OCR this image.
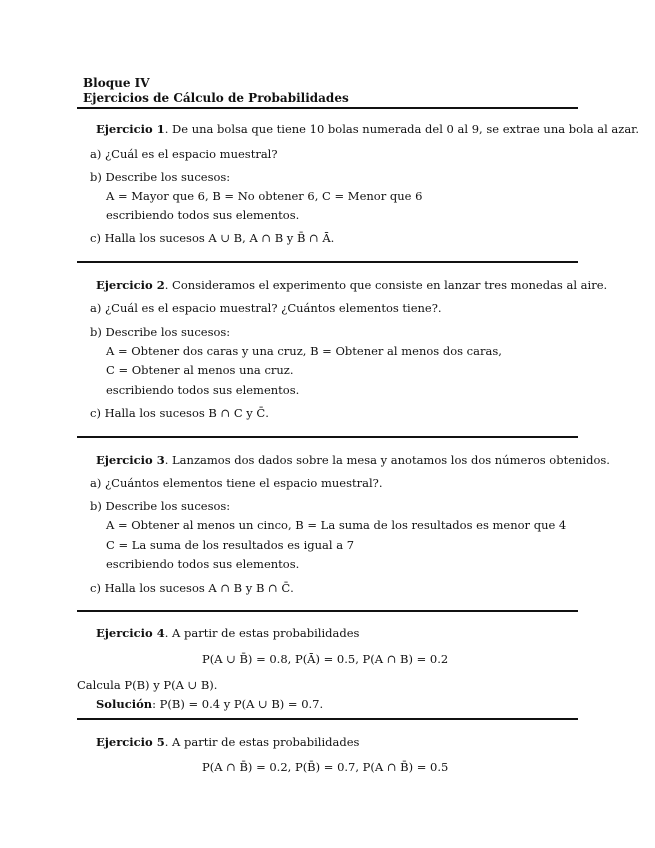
Bloque IV
Ejercicios de Cálculo de Probabilidades
Ejercicio 1. De una bolsa que tiene 10 bolas numerada del 0 al 9, se extrae una bola al azar.
a) ¿Cuál es el espacio muestral?
b) Describe los sucesos:
A = Mayor que 6, B = No obtener 6, C = Menor que 6
escribiendo todos sus elementos.
c) Halla los sucesos A ∪ B, A ∩ B y B̄ ∩ Ā.
Ejercicio 2. Consideramos el experimento que consiste en lanzar tres monedas al aire.
a) ¿Cuál es el espacio muestral? ¿Cuántos elementos tiene?.
b) Describe los sucesos:
A = Obtener dos caras y una cruz, B = Obtener al menos dos caras,
C = Obtener al menos una cruz.
escribiendo todos sus elementos.
c) Halla los sucesos B ∩ C y C̄.
Ejercicio 3. Lanzamos dos dados sobre la mesa y anotamos los dos números obtenidos.
a) ¿Cuántos elementos tiene el espacio muestral?.
b) Describe los sucesos:
A = Obtener al menos un cinco, B = La suma de los resultados es menor que 4
C = La suma de los resultados es igual a 7
escribiendo todos sus elementos.
c) Halla los sucesos A ∩ B y B ∩ C̄.
Ejercicio 4. A partir de estas probabilidades
P(A ∪ B̄) = 0.8, P(Ā) = 0.5, P(A ∩ B) = 0.2
Calcula P(B) y P(A ∪ B).
Solución: P(B) = 0.4 y P(A ∪ B) = 0.7.
Ejercicio 5. A partir de estas probabilidades
P(A ∩ B̄) = 0.2, P(B̄) = 0.7, P(A ∩ B̄) = 0.5
